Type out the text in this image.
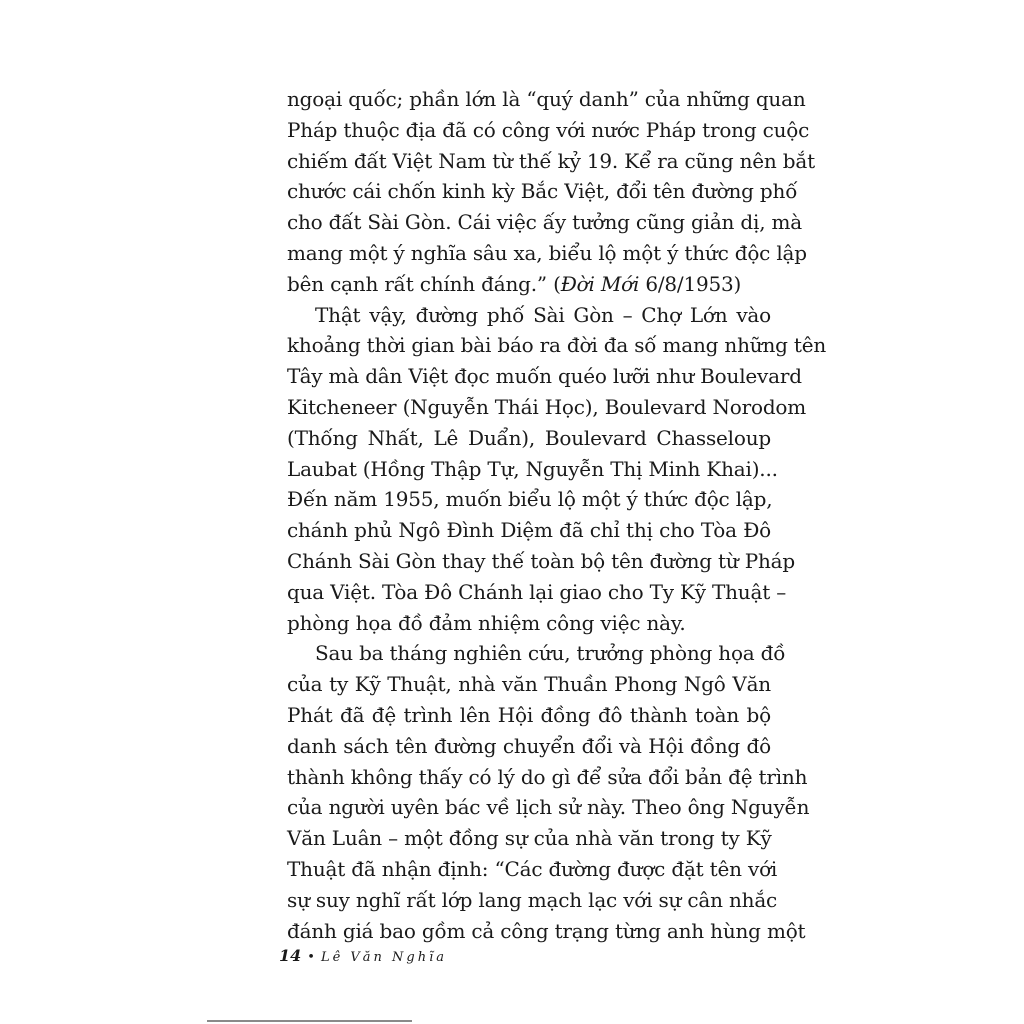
ngoại quốc; phần lớn là “quý danh” của những quan
Pháp thuộc địa đã có công với nước Pháp trong cuộc
chiếm đất Việt Nam từ thế kỷ 19. Kể ra cũng nên bắt
chước cái chốn kinh kỳ Bắc Việt, đổi tên đường phố
cho đất Sài Gòn. Cái việc ấy tưởng cũng giản dị, mà
mang một ý nghĩa sâu xa, biểu lộ một ý thức độc lập
bên cạnh rất chính đáng.” (Đời Mới 6/8/1953)
Thật vậy, đường phố Sài Gòn – Chợ Lớn vào
khoảng thời gian bài báo ra đời đa số mang những tên
Tây mà dân Việt đọc muốn quéo lưỡi như Boulevard
Kitcheneer (Nguyễn Thái Học), Boulevard Norodom
(Thống Nhất, Lê Duẩn), Boulevard Chasseloup
Laubat (Hồng Thập Tự, Nguyễn Thị Minh Khai)...
Đến năm 1955, muốn biểu lộ một ý thức độc lập,
chánh phủ Ngô Đình Diệm đã chỉ thị cho Tòa Đô
Chánh Sài Gòn thay thế toàn bộ tên đường từ Pháp
qua Việt. Tòa Đô Chánh lại giao cho Ty Kỹ Thuật –
phòng họa đồ đảm nhiệm công việc này.
Sau ba tháng nghiên cứu, trưởng phòng họa đồ
của ty Kỹ Thuật, nhà văn Thuần Phong Ngô Văn
Phát đã đệ trình lên Hội đồng đô thành toàn bộ
danh sách tên đường chuyển đổi và Hội đồng đô
thành không thấy có lý do gì để sửa đổi bản đệ trình
của người uyên bác về lịch sử này. Theo ông Nguyễn
Văn Luân – một đồng sự của nhà văn trong ty Kỹ
Thuật đã nhận định: “Các đường được đặt tên với
sự suy nghĩ rất lớp lang mạch lạc với sự cân nhắc
đánh giá bao gồm cả công trạng từng anh hùng một
14 • Lê Văn Nghĩa
